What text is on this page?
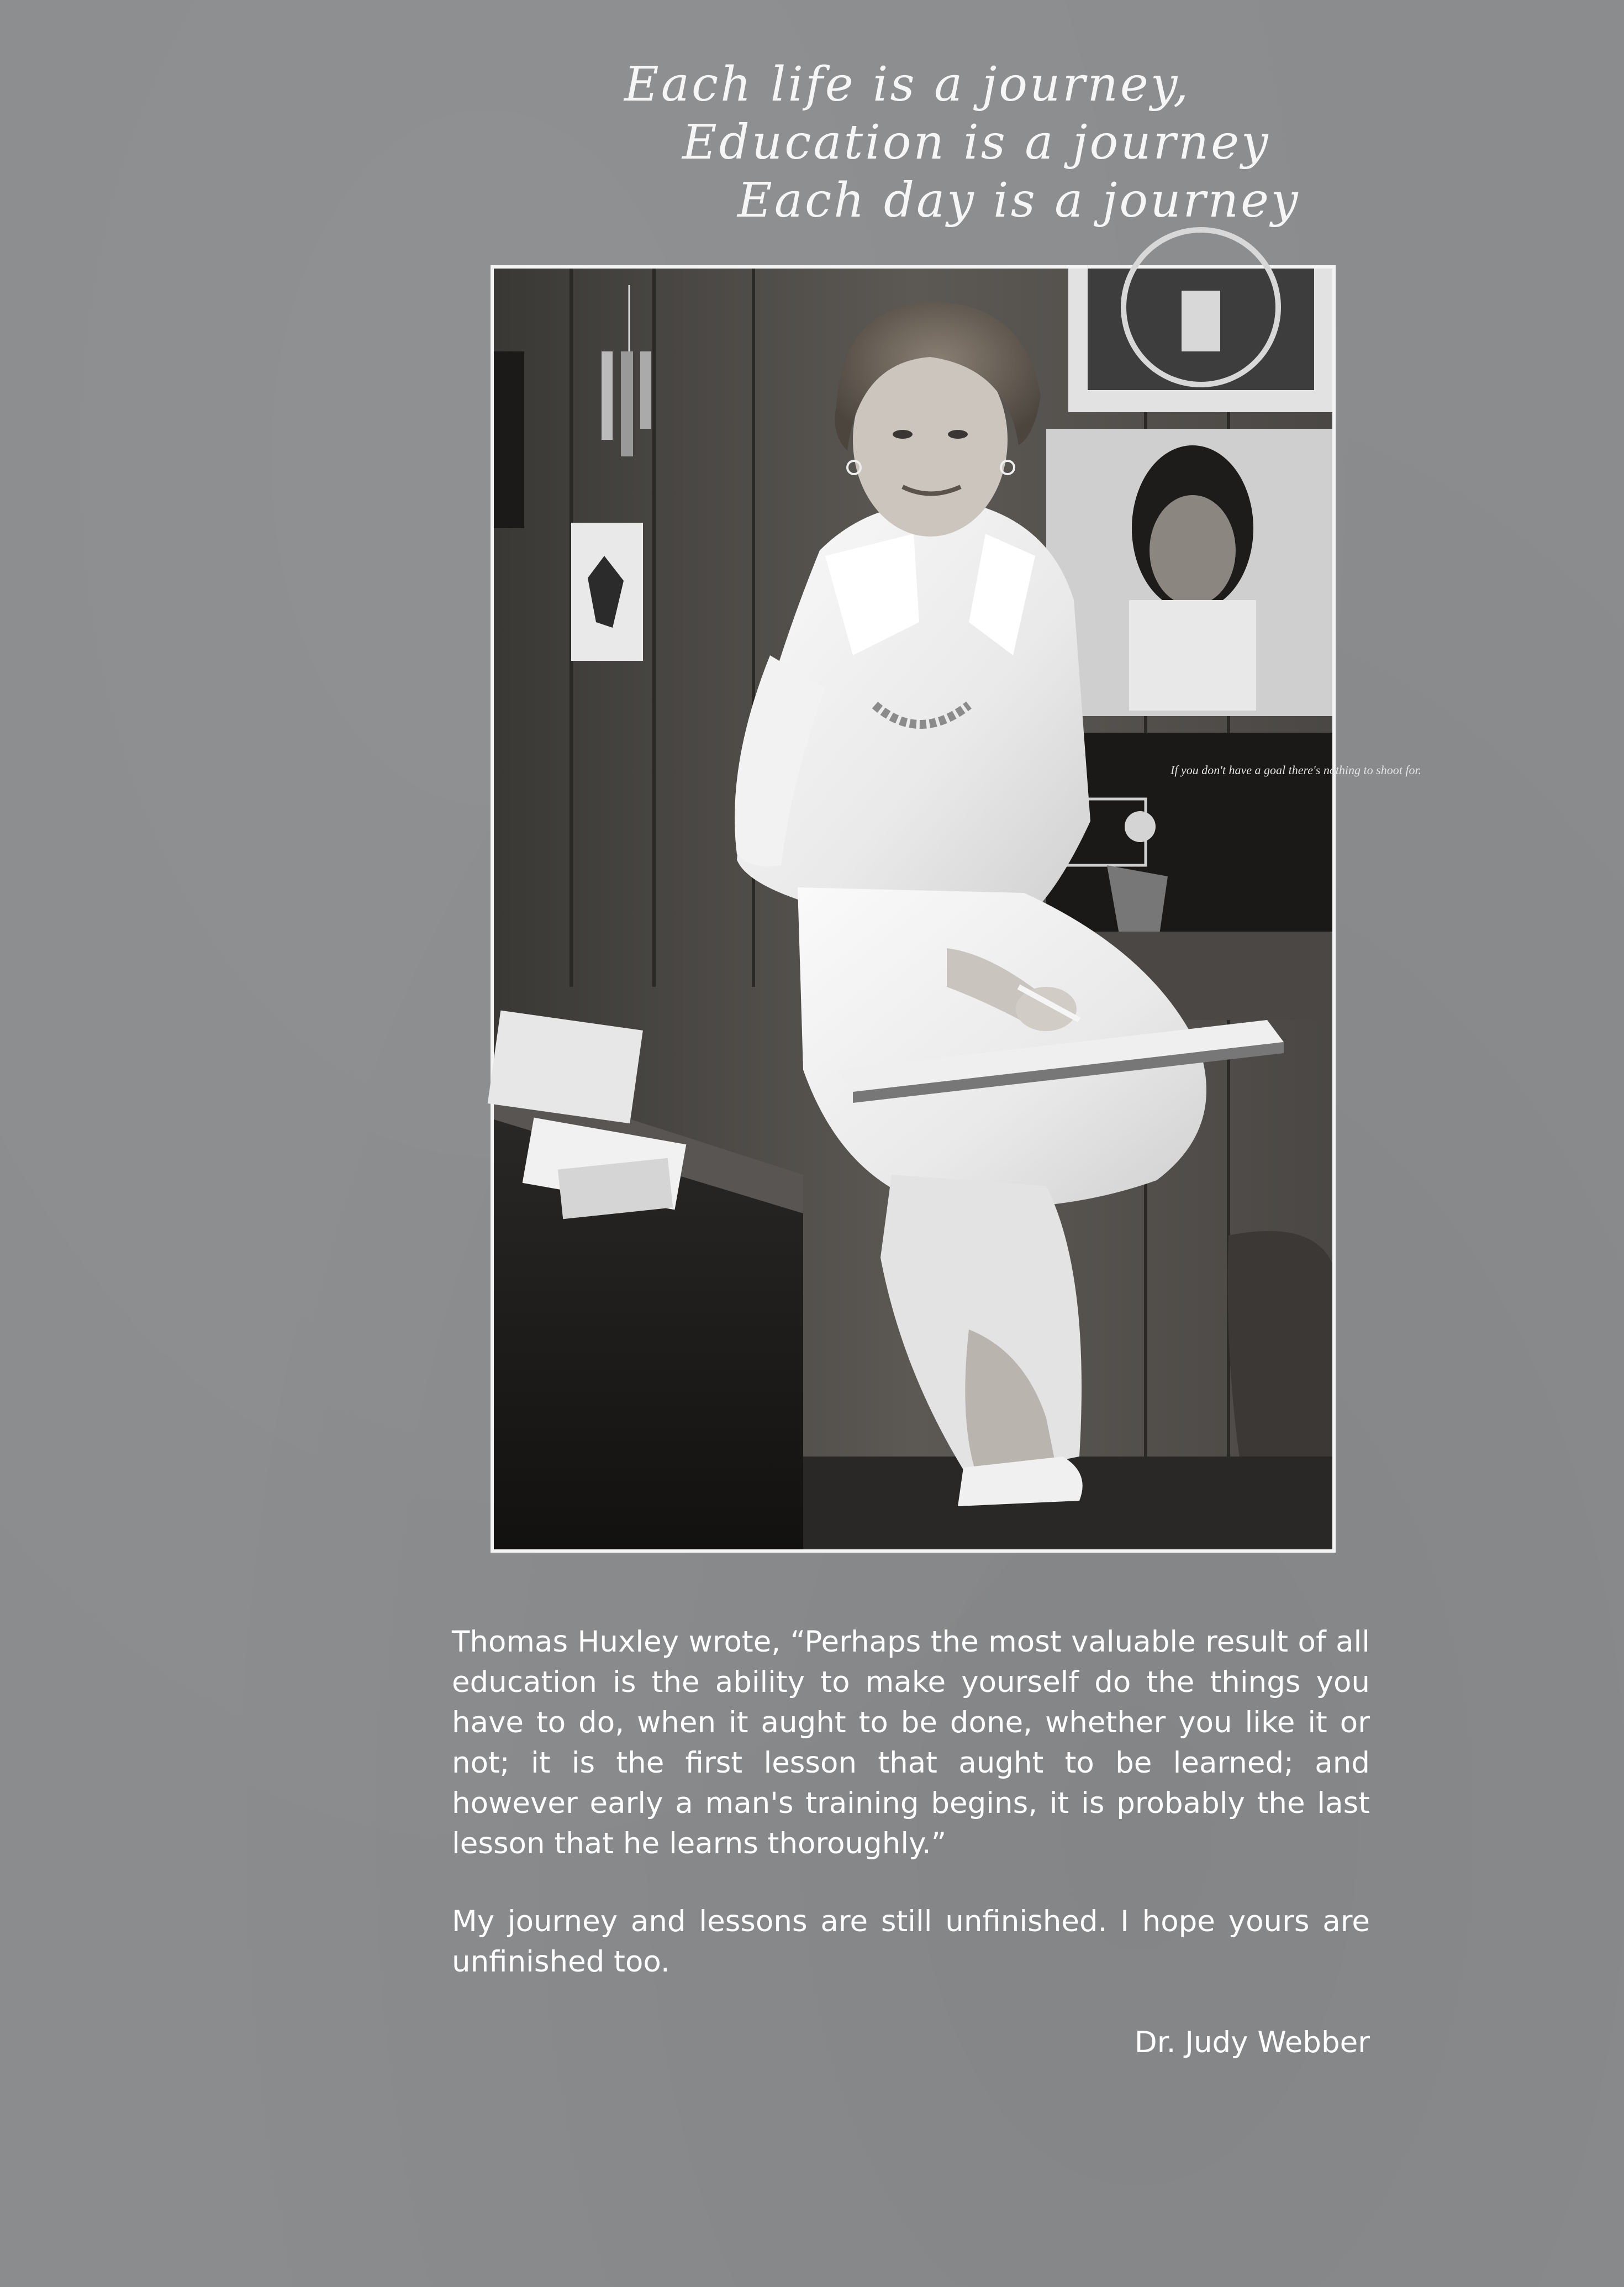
Each life is a journey,
Education is a journey
Each day is a journey
If you don't have a goal there's nothing to shoot for.

Thomas Huxley wrote, “Perhaps the most valuable result of all education is the ability to make yourself do the things you have to do, when it aught to be done, whether you like it or not; it is the first lesson that aught to be learned; and however early a man's training begins, it is probably the last lesson that he learns thoroughly.”

My journey and lessons are still unfinished. I hope yours are unfinished too.

Dr. Judy Webber
